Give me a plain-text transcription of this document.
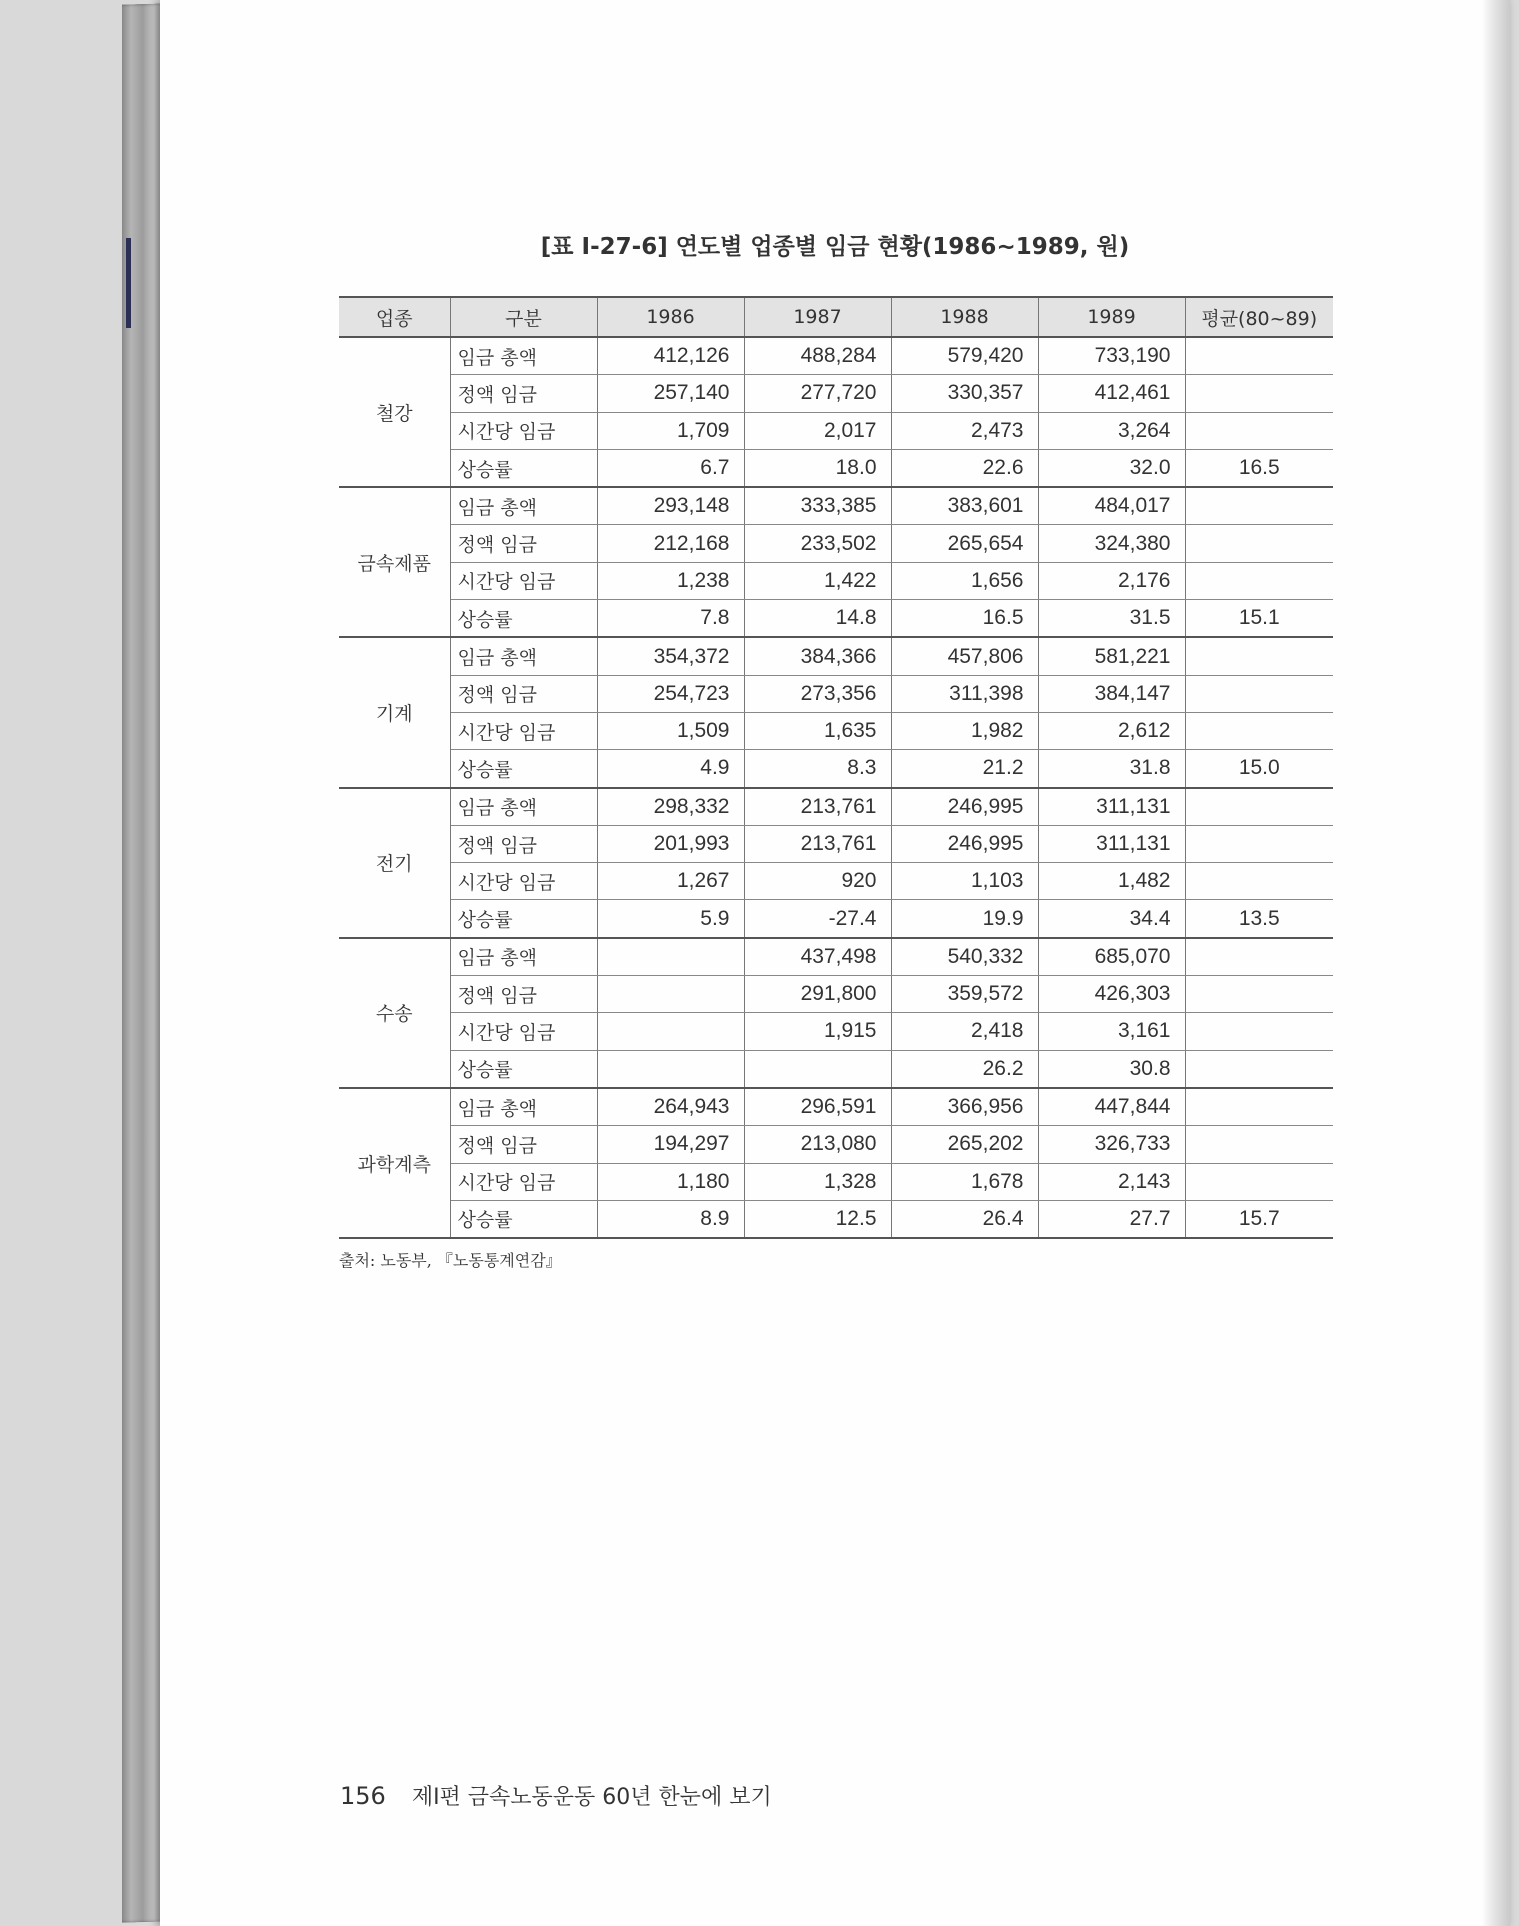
[표 Ⅰ-27-6] 연도별 업종별 임금 현황(1986~1989, 원)
업종	구분	1986	1987	1988	1989	평균(80~89)
철강	임금 총액	412,126	488,284	579,420	733,190	
	정액 임금	257,140	277,720	330,357	412,461	
	시간당 임금	1,709	2,017	2,473	3,264	
	상승률	6.7	18.0	22.6	32.0	16.5
금속제품	임금 총액	293,148	333,385	383,601	484,017	
	정액 임금	212,168	233,502	265,654	324,380	
	시간당 임금	1,238	1,422	1,656	2,176	
	상승률	7.8	14.8	16.5	31.5	15.1
기계	임금 총액	354,372	384,366	457,806	581,221	
	정액 임금	254,723	273,356	311,398	384,147	
	시간당 임금	1,509	1,635	1,982	2,612	
	상승률	4.9	8.3	21.2	31.8	15.0
전기	임금 총액	298,332	213,761	246,995	311,131	
	정액 임금	201,993	213,761	246,995	311,131	
	시간당 임금	1,267	920	1,103	1,482	
	상승률	5.9	-27.4	19.9	34.4	13.5
수송	임금 총액		437,498	540,332	685,070	
	정액 임금		291,800	359,572	426,303	
	시간당 임금		1,915	2,418	3,161	
	상승률			26.2	30.8	
과학계측	임금 총액	264,943	296,591	366,956	447,844	
	정액 임금	194,297	213,080	265,202	326,733	
	시간당 임금	1,180	1,328	1,678	2,143	
	상승률	8.9	12.5	26.4	27.7	15.7
출처: 노동부, 『노동통계연감』
156 제Ⅰ편 금속노동운동 60년 한눈에 보기
